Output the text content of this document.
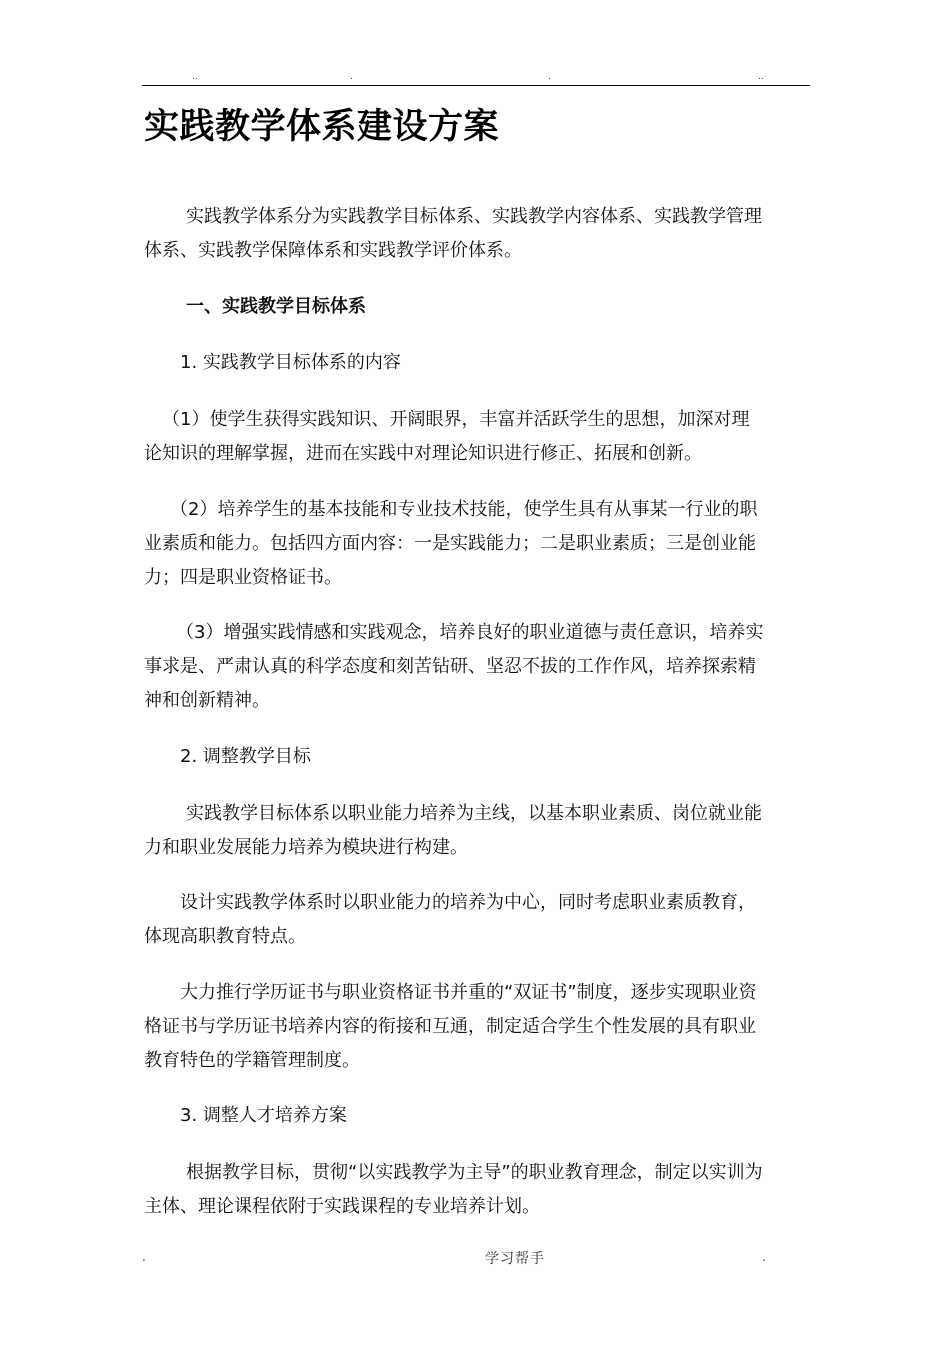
..	.	.	..
实践教学体系建设方案

实践教学体系分为实践教学目标体系、实践教学内容体系、实践教学管理
体系、实践教学保障体系和实践教学评价体系。

一、实践教学目标体系

1. 实践教学目标体系的内容

（1）使学生获得实践知识、开阔眼界，丰富并活跃学生的思想，加深对理
论知识的理解掌握，进而在实践中对理论知识进行修正、拓展和创新。

（2）培养学生的基本技能和专业技术技能，使学生具有从事某一行业的职
业素质和能力。包括四方面内容：一是实践能力；二是职业素质；三是创业能
力；四是职业资格证书。

（3）增强实践情感和实践观念，培养良好的职业道德与责任意识，培养实
事求是、严肃认真的科学态度和刻苦钻研、坚忍不拔的工作作风，培养探索精
神和创新精神。

2. 调整教学目标

实践教学目标体系以职业能力培养为主线，以基本职业素质、岗位就业能
力和职业发展能力培养为模块进行构建。

设计实践教学体系时以职业能力的培养为中心，同时考虑职业素质教育，
体现高职教育特点。

大力推行学历证书与职业资格证书并重的“双证书”制度，逐步实现职业资
格证书与学历证书培养内容的衔接和互通，制定适合学生个性发展的具有职业
教育特色的学籍管理制度。

3. 调整人才培养方案

根据教学目标，贯彻“以实践教学为主导”的职业教育理念，制定以实训为
主体、理论课程依附于实践课程的专业培养计划。

.	学习帮手	.
